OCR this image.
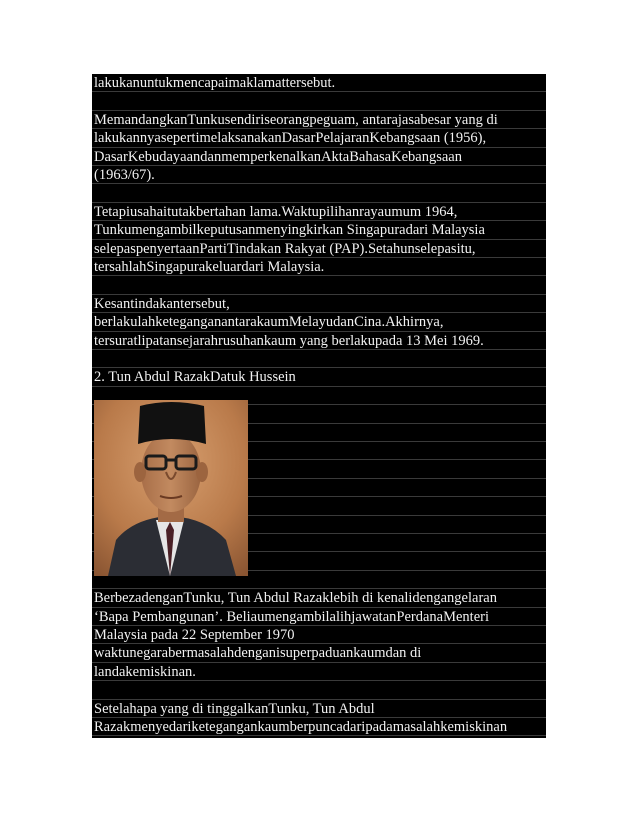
lakukanuntukmencapaimaklamattersebut.
MemandangkanTunkusendiriseorangpeguam, antarajasabesar yang di
lakukannyasepertimelaksanakanDasarPelajaranKebangsaan (1956),
DasarKebudayaandanmemperkenalkanAktaBahasaKebangsaan
(1963/67).
Tetapiusahaitutakbertahan lama.Waktupilihanrayaumum 1964,
Tunkumengambilkeputusanmenyingkirkan Singapuradari Malaysia
selepaspenyertaanPartiTindakan Rakyat (PAP).Setahunselepasitu,
tersahlahSingapurakeluardari Malaysia.
Kesantindakantersebut,
berlakulahketeganganantarakaumMelayudanCina.Akhirnya,
tersuratlipatansejarahrusuhankaum yang berlakupada 13 Mei 1969.
2. Tun Abdul RazakDatuk Hussein
BerbezadenganTunku, Tun Abdul Razaklebih di kenalidengangelaran
‘Bapa Pembangunan’. BeliaumengambilalihjawatanPerdanaMenteri
Malaysia pada 22 September 1970
waktunegarabermasalahdenganisuperpaduankaumdan di
landakemiskinan.
Setelahapa yang di tinggalkanTunku, Tun Abdul
Razakmenyedariketegangankaumberpuncadaripadamasalahkemiskinan
